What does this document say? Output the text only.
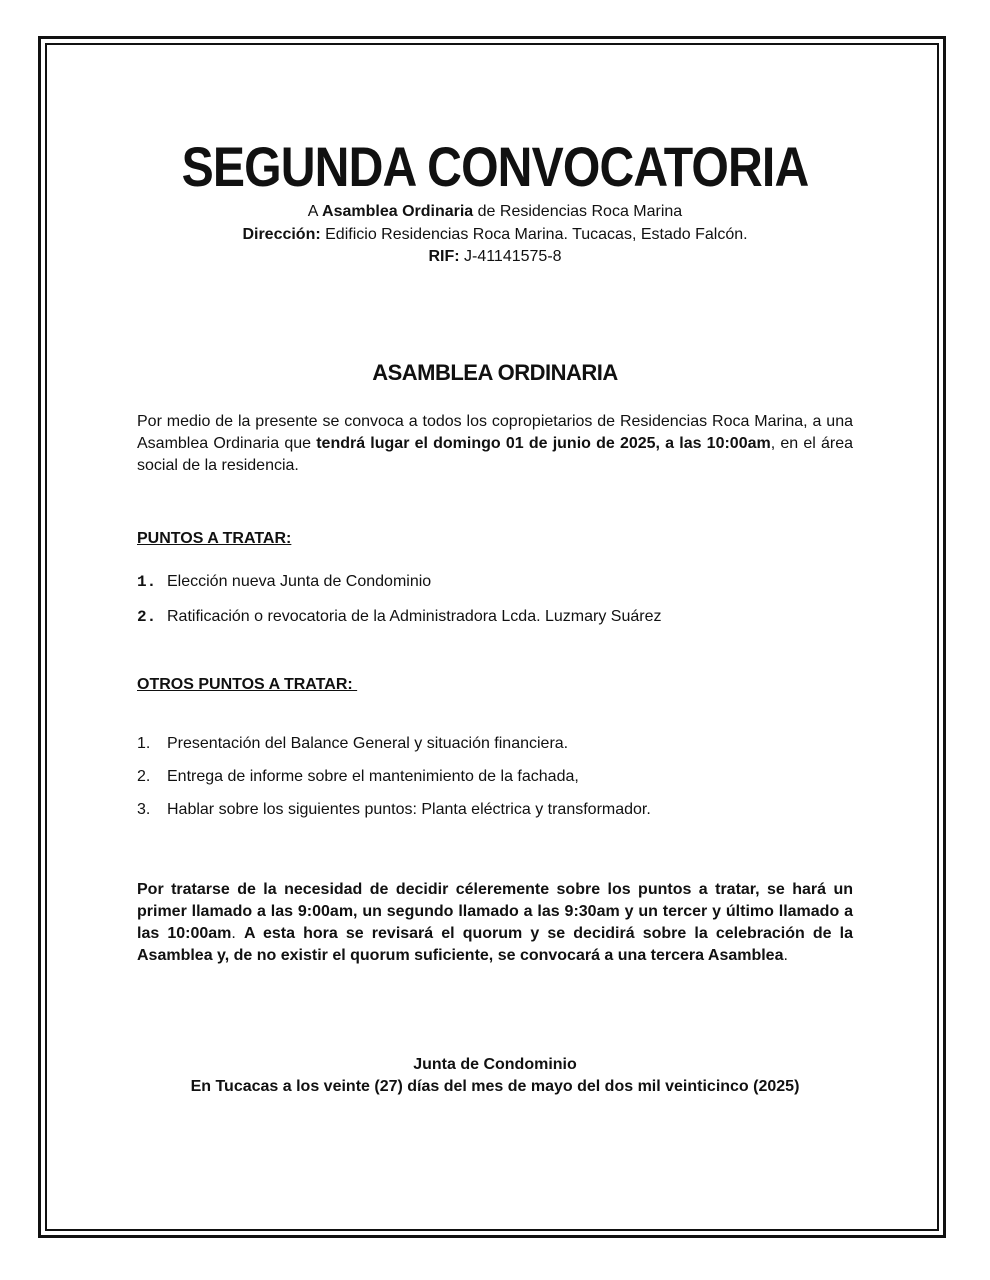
SEGUNDA CONVOCATORIA
A Asamblea Ordinaria de Residencias Roca Marina
Dirección: Edificio Residencias Roca Marina. Tucacas, Estado Falcón.
RIF: J-41141575-8
ASAMBLEA ORDINARIA
Por medio de la presente se convoca a todos los copropietarios de Residencias Roca Marina, a una Asamblea Ordinaria que tendrá lugar el domingo 01 de junio de 2025, a las 10:00am, en el área social de la residencia.
PUNTOS A TRATAR:
1. Elección nueva Junta de Condominio
2. Ratificación o revocatoria de la Administradora Lcda. Luzmary Suárez
OTROS PUNTOS A TRATAR:
1. Presentación del Balance General y situación financiera.
2. Entrega de informe sobre el mantenimiento de la fachada,
3. Hablar sobre los siguientes puntos: Planta eléctrica y transformador.
Por tratarse de la necesidad de decidir céleremente sobre los puntos a tratar, se hará un primer llamado a las 9:00am, un segundo llamado a las 9:30am y un tercer y último llamado a las 10:00am. A esta hora se revisará el quorum y se decidirá sobre la celebración de la Asamblea y, de no existir el quorum suficiente, se convocará a una tercera Asamblea.
Junta de Condominio
En Tucacas a los veinte (27) días del mes de mayo del dos mil veinticinco (2025)
